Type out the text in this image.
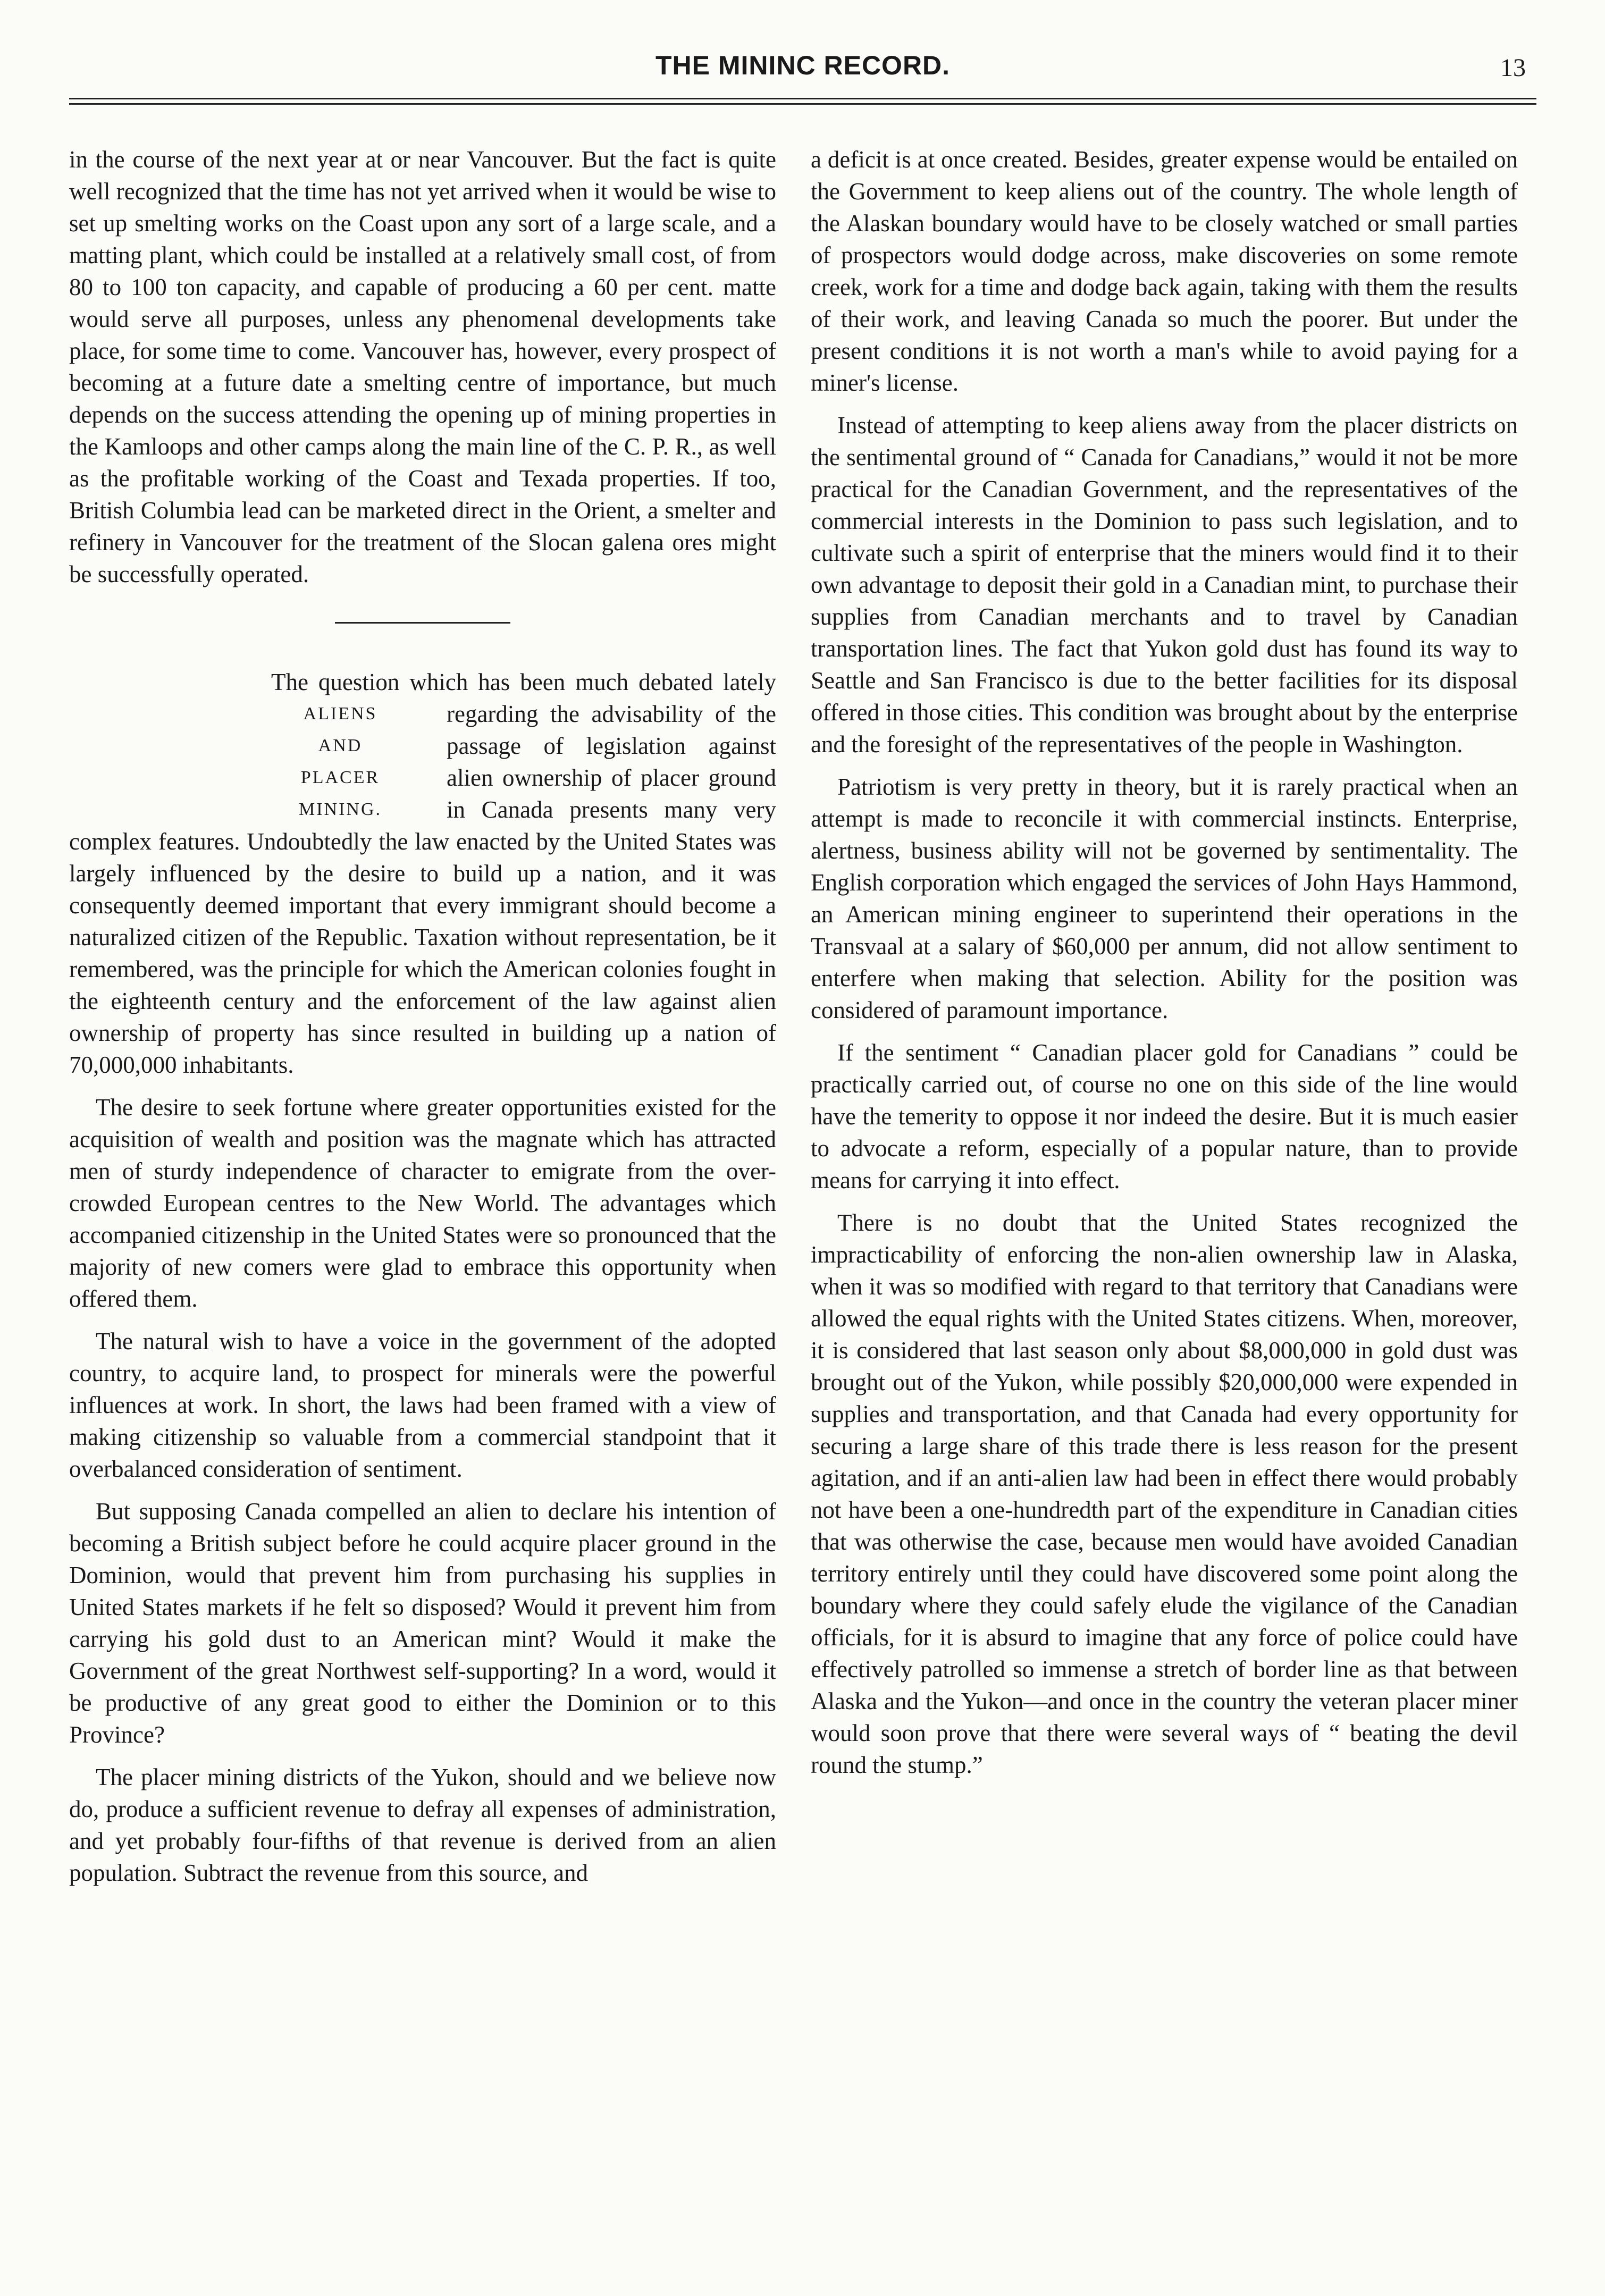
THE MININC RECORD.	13

in the course of the next year at or near Vancouver. But the fact is quite well recognized that the time has not yet arrived when it would be wise to set up smelting works on the Coast upon any sort of a large scale, and a matting plant, which could be installed at a relatively small cost, of from 80 to 100 ton capacity, and capable of producing a 60 per cent. matte would serve all purposes, unless any phenomenal developments take place, for some time to come. Vancouver has, however, every prospect of becoming at a future date a smelting centre of importance, but much depends on the success attending the opening up of mining properties in the Kamloops and other camps along the main line of the C. P. R., as well as the profitable working of the Coast and Texada properties. If too, British Columbia lead can be marketed direct in the Orient, a smelter and refinery in Vancouver for the treatment of the Slocan galena ores might be successfully operated.

ALIENS
AND
PLACER
MINING.

The question which has been much debated lately regarding the advisability of the passage of legislation against alien ownership of placer ground in Canada presents many very complex features. Undoubtedly the law enacted by the United States was largely influenced by the desire to build up a nation, and it was consequently deemed important that every immigrant should become a naturalized citizen of the Republic. Taxation without representation, be it remembered, was the principle for which the American colonies fought in the eighteenth century and the enforcement of the law against alien ownership of property has since resulted in building up a nation of 70,000,000 inhabitants.

The desire to seek fortune where greater opportunities existed for the acquisition of wealth and position was the magnate which has attracted men of sturdy independence of character to emigrate from the over-crowded European centres to the New World. The advantages which accompanied citizenship in the United States were so pronounced that the majority of new comers were glad to embrace this opportunity when offered them.

The natural wish to have a voice in the government of the adopted country, to acquire land, to prospect for minerals were the powerful influences at work. In short, the laws had been framed with a view of making citizenship so valuable from a commercial standpoint that it overbalanced consideration of sentiment.

But supposing Canada compelled an alien to declare his intention of becoming a British subject before he could acquire placer ground in the Dominion, would that prevent him from purchasing his supplies in United States markets if he felt so disposed? Would it prevent him from carrying his gold dust to an American mint? Would it make the Government of the great Northwest self-supporting? In a word, would it be productive of any great good to either the Dominion or to this Province?

The placer mining districts of the Yukon, should and we believe now do, produce a sufficient revenue to defray all expenses of administration, and yet probably four-fifths of that revenue is derived from an alien population. Subtract the revenue from this source, and

a deficit is at once created. Besides, greater expense would be entailed on the Government to keep aliens out of the country. The whole length of the Alaskan boundary would have to be closely watched or small parties of prospectors would dodge across, make discoveries on some remote creek, work for a time and dodge back again, taking with them the results of their work, and leaving Canada so much the poorer. But under the present conditions it is not worth a man's while to avoid paying for a miner's license.

Instead of attempting to keep aliens away from the placer districts on the sentimental ground of “ Canada for Canadians,” would it not be more practical for the Canadian Government, and the representatives of the commercial interests in the Dominion to pass such legislation, and to cultivate such a spirit of enterprise that the miners would find it to their own advantage to deposit their gold in a Canadian mint, to purchase their supplies from Canadian merchants and to travel by Canadian transportation lines. The fact that Yukon gold dust has found its way to Seattle and San Francisco is due to the better facilities for its disposal offered in those cities. This condition was brought about by the enterprise and the foresight of the representatives of the people in Washington.

Patriotism is very pretty in theory, but it is rarely practical when an attempt is made to reconcile it with commercial instincts. Enterprise, alertness, business ability will not be governed by sentimentality. The English corporation which engaged the services of John Hays Hammond, an American mining engineer to superintend their operations in the Transvaal at a salary of $60,000 per annum, did not allow sentiment to enterfere when making that selection. Ability for the position was considered of paramount importance.

If the sentiment “ Canadian placer gold for Canadians ” could be practically carried out, of course no one on this side of the line would have the temerity to oppose it nor indeed the desire. But it is much easier to advocate a reform, especially of a popular nature, than to provide means for carrying it into effect.

There is no doubt that the United States recognized the impracticability of enforcing the non-alien ownership law in Alaska, when it was so modified with regard to that territory that Canadians were allowed the equal rights with the United States citizens. When, moreover, it is considered that last season only about $8,000,000 in gold dust was brought out of the Yukon, while possibly $20,000,000 were expended in supplies and transportation, and that Canada had every opportunity for securing a large share of this trade there is less reason for the present agitation, and if an anti-alien law had been in effect there would probably not have been a one-hundredth part of the expenditure in Canadian cities that was otherwise the case, because men would have avoided Canadian territory entirely until they could have discovered some point along the boundary where they could safely elude the vigilance of the Canadian officials, for it is absurd to imagine that any force of police could have effectively patrolled so immense a stretch of border line as that between Alaska and the Yukon—and once in the country the veteran placer miner would soon prove that there were several ways of “ beating the devil round the stump.”
